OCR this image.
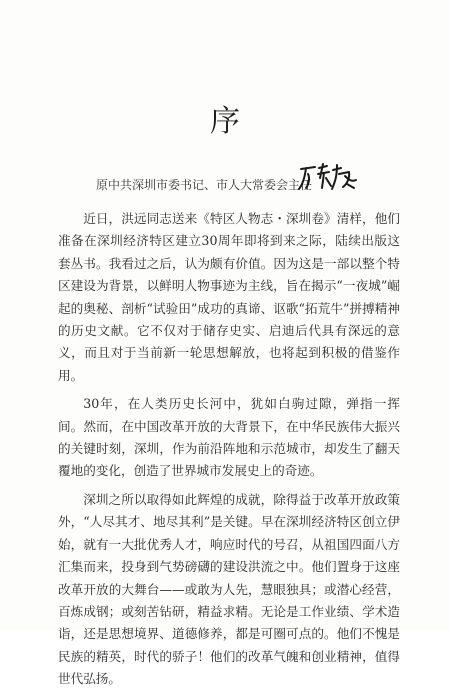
序
原中共深圳市委书记、市人大常委会主任

近日，洪远同志送来《特区人物志・深圳卷》清样，他们准备在深圳经济特区建立30周年即将到来之际，陆续出版这套丛书。我看过之后，认为颇有价值。因为这是一部以整个特区建设为背景，以鲜明人物事迹为主线，旨在揭示“一夜城”崛起的奥秘、剖析“试验田”成功的真谛、讴歌“拓荒牛”拼搏精神的历史文献。它不仅对于储存史实、启迪后代具有深远的意义，而且对于当前新一轮思想解放，也将起到积极的借鉴作用。

30年，在人类历史长河中，犹如白驹过隙，弹指一挥间。然而，在中国改革开放的大背景下，在中华民族伟大振兴的关键时刻，深圳，作为前沿阵地和示范城市，却发生了翻天覆地的变化，创造了世界城市发展史上的奇迹。

深圳之所以取得如此辉煌的成就，除得益于改革开放政策外，“人尽其才、地尽其利”是关键。早在深圳经济特区创立伊始，就有一大批优秀人才，响应时代的号召，从祖国四面八方汇集而来，投身到气势磅礴的建设洪流之中。他们置身于这座改革开放的大舞台——或敢为人先，慧眼独具；或潜心经营，百炼成钢；或刻苦钻研，精益求精。无论是工作业绩、学术造诣，还是思想境界、道德修养，都是可圈可点的。他们不愧是民族的精英，时代的骄子！他们的改革气魄和创业精神，值得世代弘扬。
